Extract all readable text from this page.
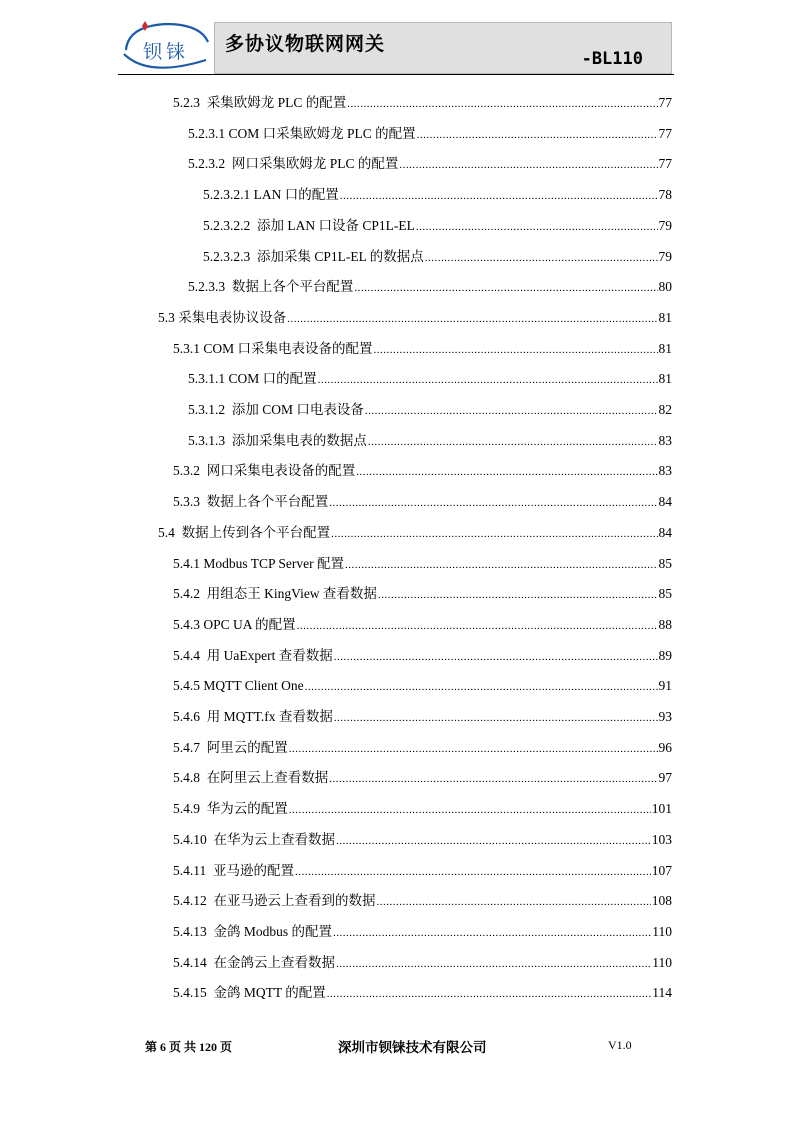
钡铼	多协议物联网网关
-BL110
5.2.3  采集欧姆龙 PLC 的配置 .....	77
5.2.3.1 COM 口采集欧姆龙 PLC 的配置 .....	77
5.2.3.2  网口采集欧姆龙 PLC 的配置 .....	77
5.2.3.2.1 LAN 口的配置 .....	78
5.2.3.2.2  添加 LAN 口设备 CP1L-EL .....	79
5.2.3.2.3  添加采集 CP1L-EL 的数据点 .....	79
5.2.3.3  数据上各个平台配置 .....	80
5.3 采集电表协议设备 .....	81
5.3.1 COM 口采集电表设备的配置 .....	81
5.3.1.1 COM 口的配置 .....	81
5.3.1.2  添加 COM 口电表设备 .....	82
5.3.1.3  添加采集电表的数据点 .....	83
5.3.2  网口采集电表设备的配置 .....	83
5.3.3  数据上各个平台配置 .....	84
5.4  数据上传到各个平台配置 .....	84
5.4.1 Modbus TCP Server 配置 .....	85
5.4.2  用组态王 KingView 查看数据 .....	85
5.4.3 OPC UA 的配置 .....	88
5.4.4  用 UaExpert 查看数据 .....	89
5.4.5 MQTT Client One .....	91
5.4.6  用 MQTT.fx 查看数据 .....	93
5.4.7  阿里云的配置 .....	96
5.4.8  在阿里云上查看数据 .....	97
5.4.9  华为云的配置 .....	101
5.4.10  在华为云上查看数据 .....	103
5.4.11  亚马逊的配置 .....	107
5.4.12  在亚马逊云上查看到的数据 .....	108
5.4.13  金鸽 Modbus 的配置 .....	110
5.4.14  在金鸽云上查看数据 .....	110
5.4.15  金鸽 MQTT 的配置 .....	114
第 6 页 共 120 页	深圳市钡铼技术有限公司	V1.0
